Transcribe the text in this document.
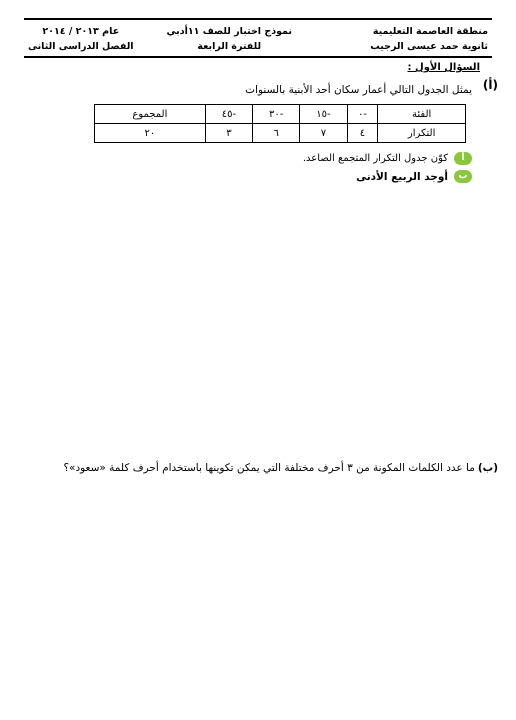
منطقة العاصمة التعليمية
ثانوية حمد عيسى الرجيب
نموذج اختبار للصف ١١أدبي
للفترة الرابعة
عام ٢٠١٣ / ٢٠١٤
الفصل الدراسى الثانى
السؤال الأول :
(أ)
يمثل الجدول التالي أعمار سكان أحد الأبنية بالسنوات
الفئة	-٠	-١٥	-٣٠	-٤٥	المجموع
التكرار	٤	٧	٦	٣	٢٠
أ
كوّن جدول التكرار المتجمع الصاعد.
ب
أوجد الربيع الأدنى
(ب)
ما عدد الكلمات المكونة من ٣ أحرف مختلفة التي يمكن تكوينها باستخدام أحرف كلمة «سعود»؟
